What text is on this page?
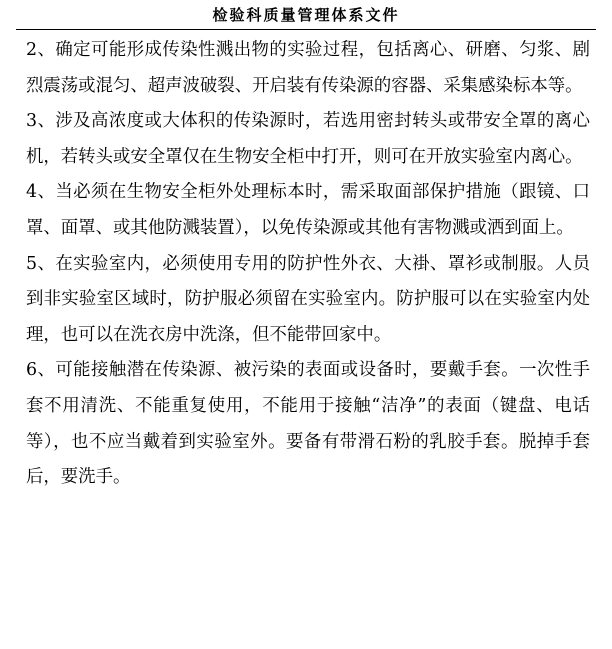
检验科质量管理体系文件

2、确定可能形成传染性溅出物的实验过程，包括离心、研磨、匀浆、剧烈震荡或混匀、超声波破裂、开启装有传染源的容器、采集感染标本等。

3、涉及高浓度或大体积的传染源时，若选用密封转头或带安全罩的离心机，若转头或安全罩仅在生物安全柜中打开，则可在开放实验室内离心。

4、当必须在生物安全柜外处理标本时，需采取面部保护措施（跟镜、口罩、面罩、或其他防溅装置），以免传染源或其他有害物溅或洒到面上。

5、在实验室内，必须使用专用的防护性外衣、大褂、罩衫或制服。人员到非实验室区域时，防护服必须留在实验室内。防护服可以在实验室内处理，也可以在洗衣房中洗涤，但不能带回家中。

6、可能接触潜在传染源、被污染的表面或设备时，要戴手套。一次性手套不用清洗、不能重复使用，不能用于接触“洁净”的表面（键盘、电话等），也不应当戴着到实验室外。要备有带滑石粉的乳胶手套。脱掉手套后，要洗手。
